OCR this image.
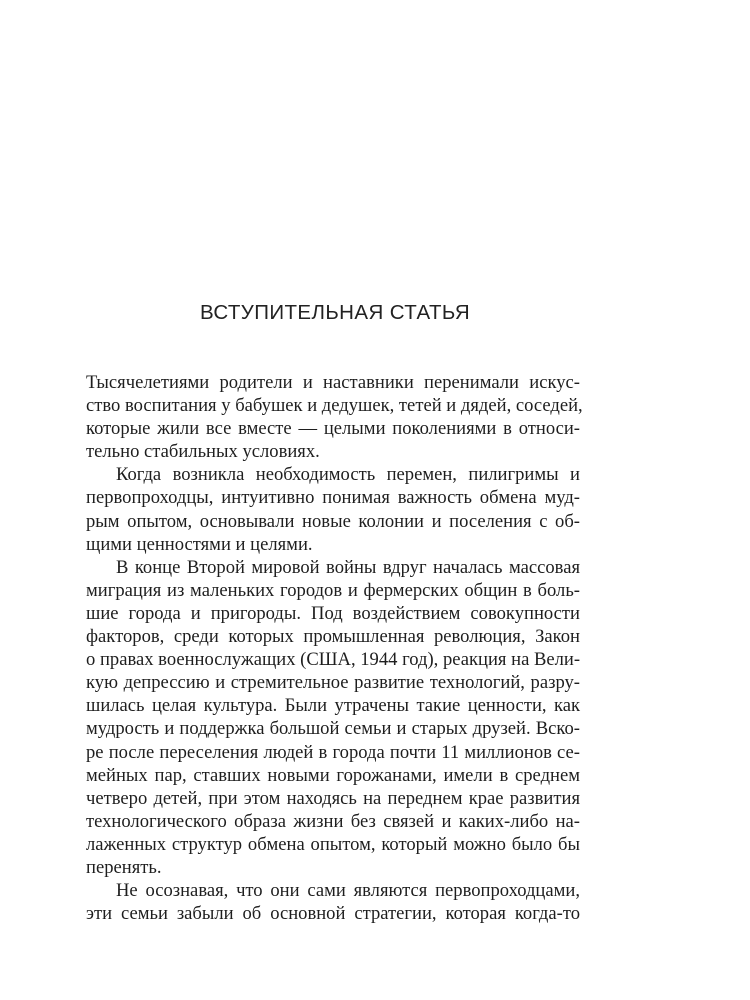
ВСТУПИТЕЛЬНАЯ СТАТЬЯ
Тысячелетиями родители и наставники перенимали искус-
ство воспитания у бабушек и дедушек, тетей и дядей, соседей,
которые жили все вместе — целыми поколениями в относи-
тельно стабильных условиях.
Когда возникла необходимость перемен, пилигримы и
первопроходцы, интуитивно понимая важность обмена муд-
рым опытом, основывали новые колонии и поселения с об-
щими ценностями и целями.
В конце Второй мировой войны вдруг началась массовая
миграция из маленьких городов и фермерских общин в боль-
шие города и пригороды. Под воздействием совокупности
факторов, среди которых промышленная революция, Закон
о правах военнослужащих (США, 1944 год), реакция на Вели-
кую депрессию и стремительное развитие технологий, разру-
шилась целая культура. Были утрачены такие ценности, как
мудрость и поддержка большой семьи и старых друзей. Вско-
ре после переселения людей в города почти 11 миллионов се-
мейных пар, ставших новыми горожанами, имели в среднем
четверо детей, при этом находясь на переднем крае развития
технологического образа жизни без связей и каких-либо на-
лаженных структур обмена опытом, который можно было бы
перенять.
Не осознавая, что они сами являются первопроходцами,
эти семьи забыли об основной стратегии, которая когда-то
